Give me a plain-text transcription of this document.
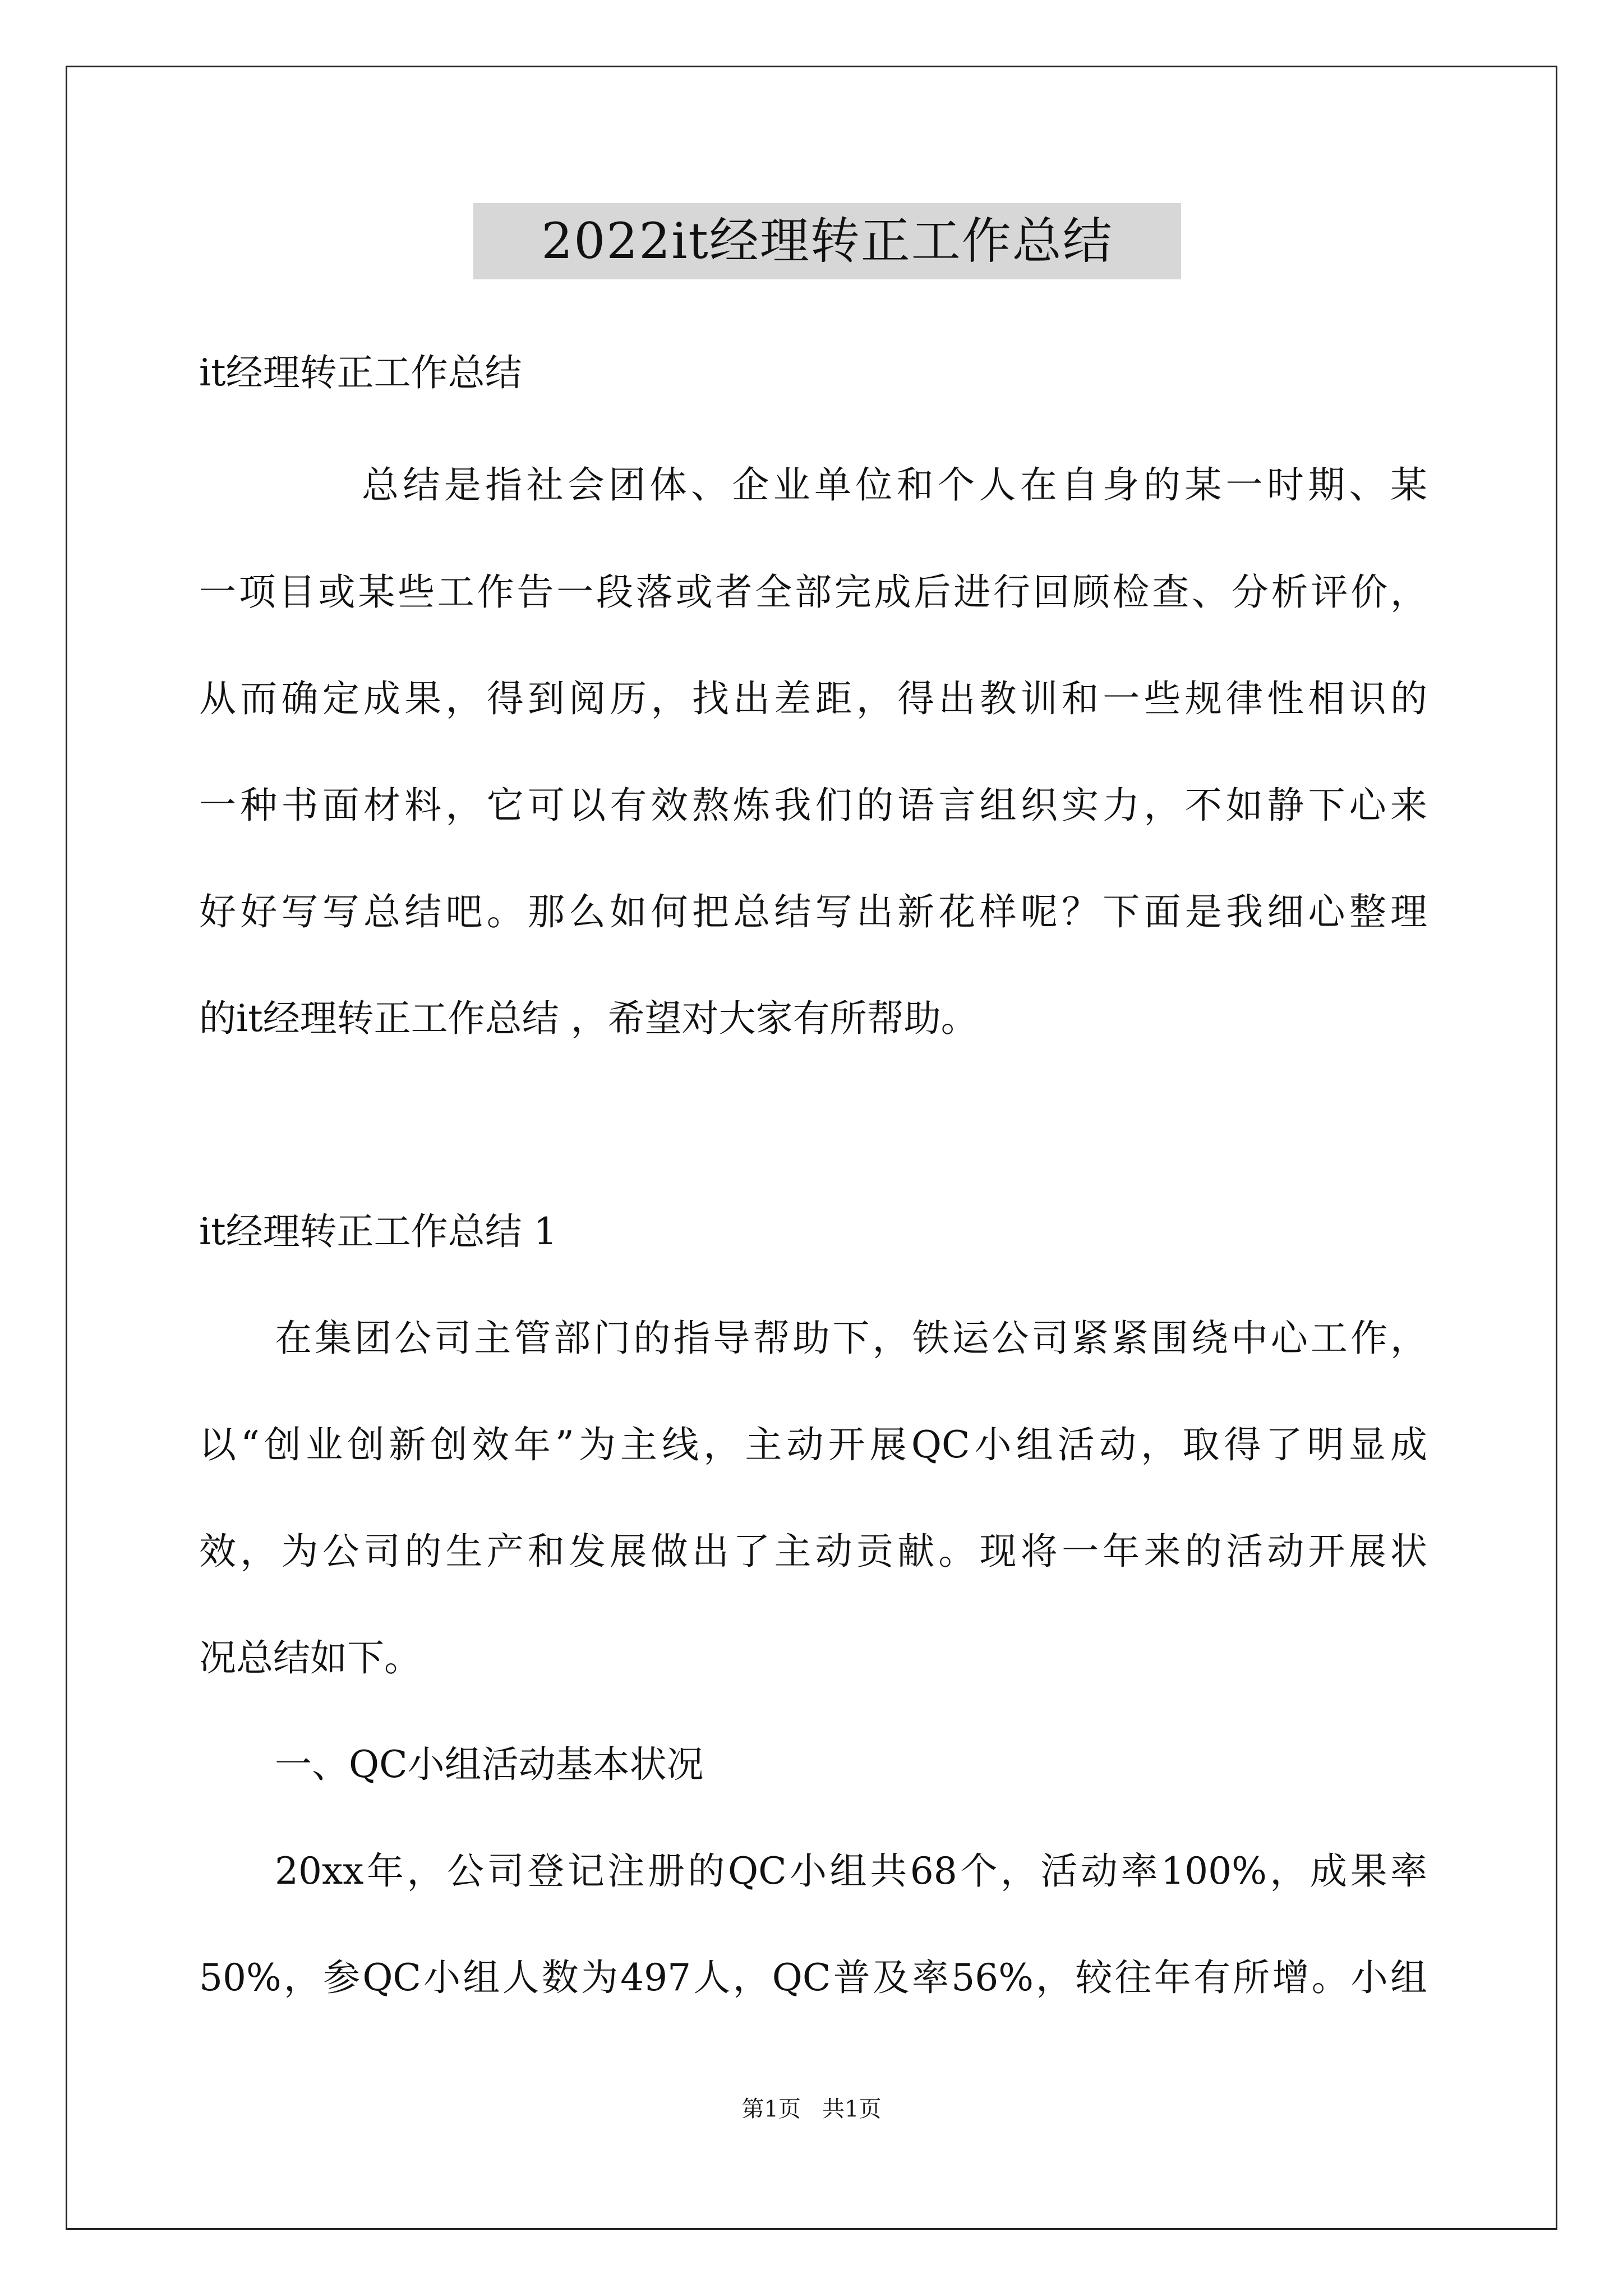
2022it经理转正工作总结
it经理转正工作总结
总结是指社会团体、企业单位和个人在自身的某一时期、某
一项目或某些工作告一段落或者全部完成后进行回顾检查、分析评价，
从而确定成果，得到阅历，找出差距，得出教训和一些规律性相识的
一种书面材料，它可以有效熬炼我们的语言组织实力，不如静下心来
好好写写总结吧。那么如何把总结写出新花样呢？下面是我细心整理
的it经理转正工作总结 ，希望对大家有所帮助。
it经理转正工作总结 1
在集团公司主管部门的指导帮助下，铁运公司紧紧围绕中心工作，
以“创业创新创效年”为主线，主动开展QC小组活动，取得了明显成
效，为公司的生产和发展做出了主动贡献。现将一年来的活动开展状
况总结如下。
一、QC小组活动基本状况
20xx年，公司登记注册的QC小组共68个，活动率100%，成果率
50%，参QC小组人数为497人，QC普及率56%，较往年有所增。小组
第1页   共1页
